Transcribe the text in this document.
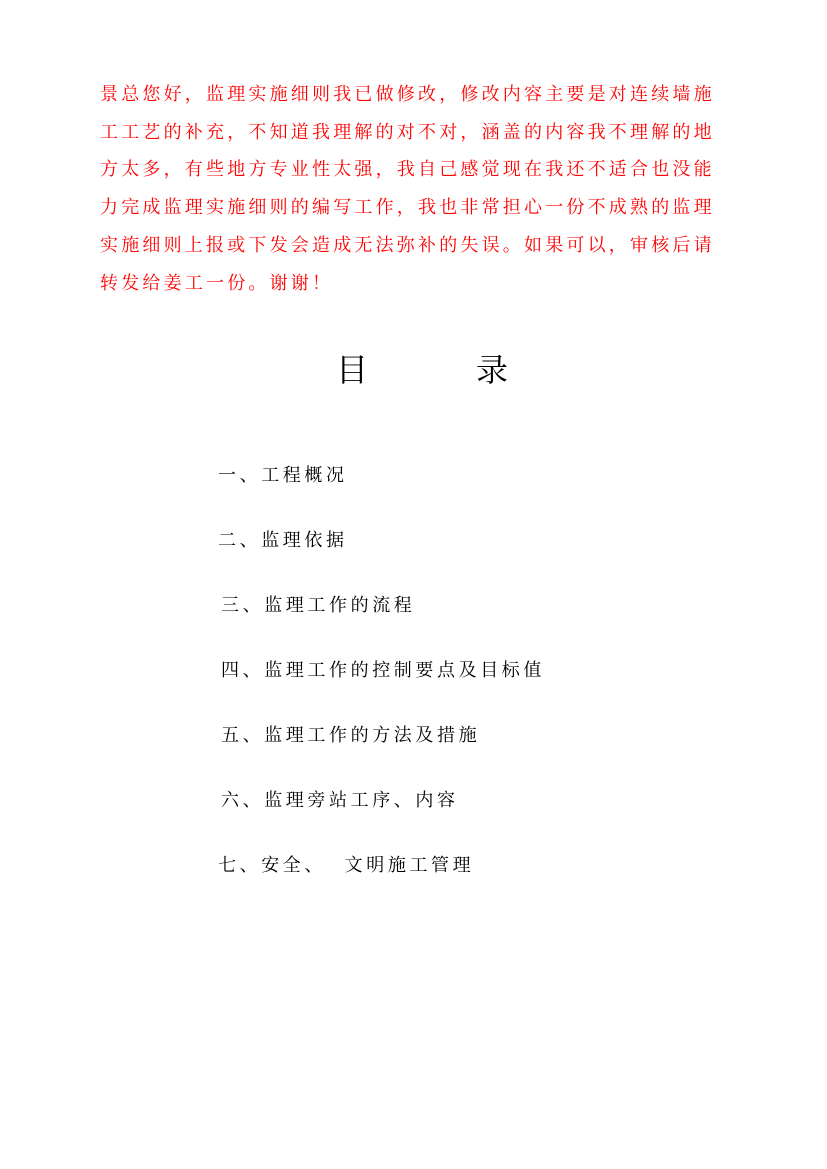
景总您好，监理实施细则我已做修改，修改内容主要是对连续墙施
工工艺的补充，不知道我理解的对不对，涵盖的内容我不理解的地
方太多，有些地方专业性太强，我自己感觉现在我还不适合也没能
力完成监理实施细则的编写工作，我也非常担心一份不成熟的监理
实施细则上报或下发会造成无法弥补的失误。如果可以，审核后请
转发给姜工一份。谢谢！
目	录
一、工程概况
二、监理依据
三、监理工作的流程
四、监理工作的控制要点及目标值
五、监理工作的方法及措施
六、监理旁站工序、内容
七、安全、  文明施工管理
